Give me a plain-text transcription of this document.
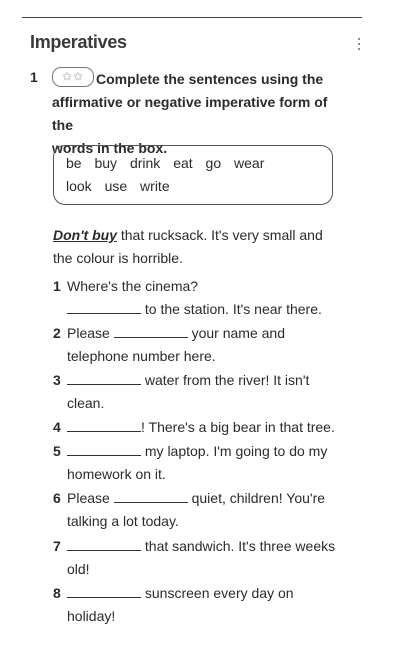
Imperatives
1	★★ Complete the sentences using the
affirmative or negative imperative form of the
words in the box.
be buy drink eat go wear
look use write
Don't buy that rucksack. It's very small and
the colour is horrible.
1 Where's the cinema?
to the station. It's near there.
2 Please	your name and
telephone number here.
3	water from the river! It isn't
clean.
4	! There's a big bear in that tree.
5	my laptop. I'm going to do my
homework on it.
6 Please	quiet, children! You're
talking a lot today.
7	that sandwich. It's three weeks
old!
8	sunscreen every day on
holiday!
